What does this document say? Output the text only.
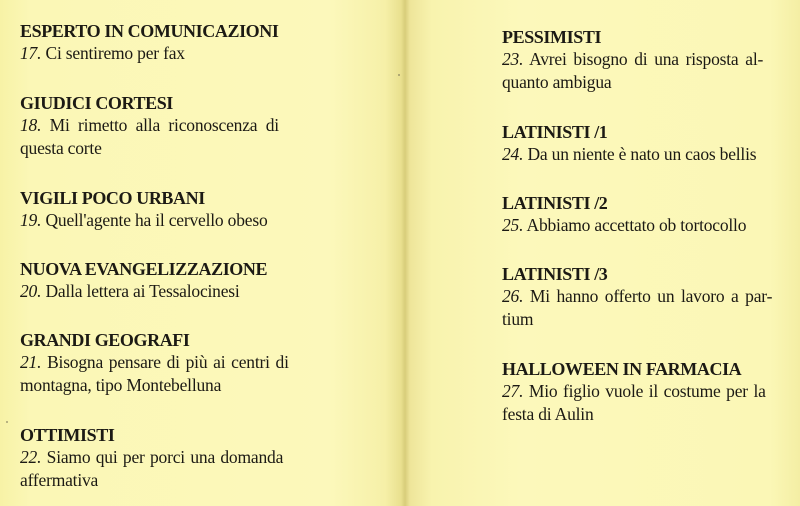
ESPERTO IN COMUNICAZIONI
17. Ci sentiremo per fax
GIUDICI CORTESI
18. Mi rimetto alla riconoscenza di
questa corte
VIGILI POCO URBANI
19. Quell'agente ha il cervello obeso
NUOVA EVANGELIZZAZIONE
20. Dalla lettera ai Tessalocinesi
GRANDI GEOGRAFI
21. Bisogna pensare di più ai centri di
montagna, tipo Montebelluna
OTTIMISTI
22. Siamo qui per porci una domanda
affermativa
PESSIMISTI
23. Avrei bisogno di una risposta al-
quanto ambigua
LATINISTI /1
24. Da un niente è nato un caos bellis
LATINISTI /2
25. Abbiamo accettato ob tortocollo
LATINISTI /3
26. Mi hanno offerto un lavoro a par-
tium
HALLOWEEN IN FARMACIA
27. Mio figlio vuole il costume per la
festa di Aulin
